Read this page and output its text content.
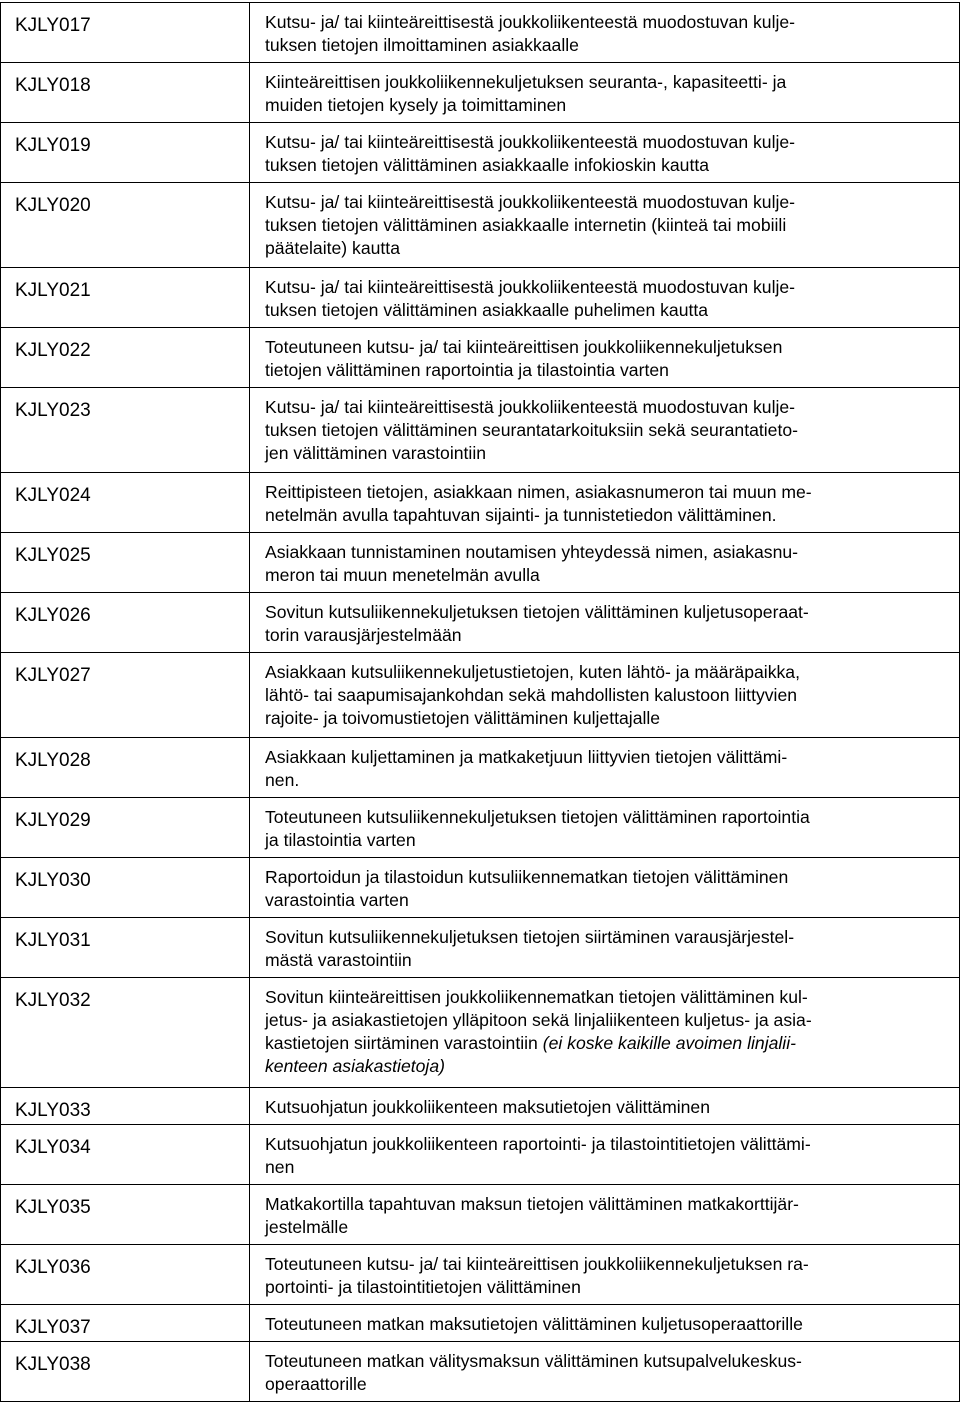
KJLY017	Kutsu- ja/ tai kiinteäreittisestä joukkoliikenteestä muodostuvan kulje-
tuksen tietojen ilmoittaminen asiakkaalle

KJLY018	Kiinteäreittisen joukkoliikennekuljetuksen seuranta-, kapasiteetti- ja
muiden tietojen kysely ja toimittaminen

KJLY019	Kutsu- ja/ tai kiinteäreittisestä joukkoliikenteestä muodostuvan kulje-
tuksen tietojen välittäminen asiakkaalle infokioskin kautta

KJLY020	Kutsu- ja/ tai kiinteäreittisestä joukkoliikenteestä muodostuvan kulje-
tuksen tietojen välittäminen asiakkaalle internetin (kiinteä tai mobiili
päätelaite) kautta

KJLY021	Kutsu- ja/ tai kiinteäreittisestä joukkoliikenteestä muodostuvan kulje-
tuksen tietojen välittäminen asiakkaalle puhelimen kautta

KJLY022	Toteutuneen kutsu- ja/ tai kiinteäreittisen joukkoliikennekuljetuksen
tietojen välittäminen raportointia ja tilastointia varten

KJLY023	Kutsu- ja/ tai kiinteäreittisestä joukkoliikenteestä muodostuvan kulje-
tuksen tietojen välittäminen seurantatarkoituksiin sekä seurantatieto-
jen välittäminen varastointiin

KJLY024	Reittipisteen tietojen, asiakkaan nimen, asiakasnumeron tai muun me-
netelmän avulla tapahtuvan sijainti- ja tunnistetiedon välittäminen.

KJLY025	Asiakkaan tunnistaminen noutamisen yhteydessä nimen, asiakasnu-
meron tai muun menetelmän avulla

KJLY026	Sovitun kutsuliikennekuljetuksen tietojen välittäminen kuljetusoperaat-
torin varausjärjestelmään

KJLY027	Asiakkaan kutsuliikennekuljetustietojen, kuten lähtö- ja määräpaikka,
lähtö- tai saapumisajankohdan sekä mahdollisten kalustoon liittyvien
rajoite- ja toivomustietojen välittäminen kuljettajalle

KJLY028	Asiakkaan kuljettaminen ja matkaketjuun liittyvien tietojen välittämi-
nen.

KJLY029	Toteutuneen kutsuliikennekuljetuksen tietojen välittäminen raportointia
ja tilastointia varten

KJLY030	Raportoidun ja tilastoidun kutsuliikennematkan tietojen välittäminen
varastointia varten

KJLY031	Sovitun kutsuliikennekuljetuksen tietojen siirtäminen varausjärjestel-
mästä varastointiin

KJLY032	Sovitun kiinteäreittisen joukkoliikennematkan tietojen välittäminen kul-
jetus- ja asiakastietojen ylläpitoon sekä linjaliikenteen kuljetus- ja asia-
kastietojen siirtäminen varastointiin (ei koske kaikille avoimen linjalii-
kenteen asiakastietoja)

KJLY033	Kutsuohjatun joukkoliikenteen maksutietojen välittäminen

KJLY034	Kutsuohjatun joukkoliikenteen raportointi- ja tilastointitietojen välittämi-
nen

KJLY035	Matkakortilla tapahtuvan maksun tietojen välittäminen matkakorttijär-
jestelmälle

KJLY036	Toteutuneen kutsu- ja/ tai kiinteäreittisen joukkoliikennekuljetuksen ra-
portointi- ja tilastointitietojen välittäminen

KJLY037	Toteutuneen matkan maksutietojen välittäminen kuljetusoperaattorille

KJLY038	Toteutuneen matkan välitysmaksun välittäminen kutsupalvelukeskus-
operaattorille
